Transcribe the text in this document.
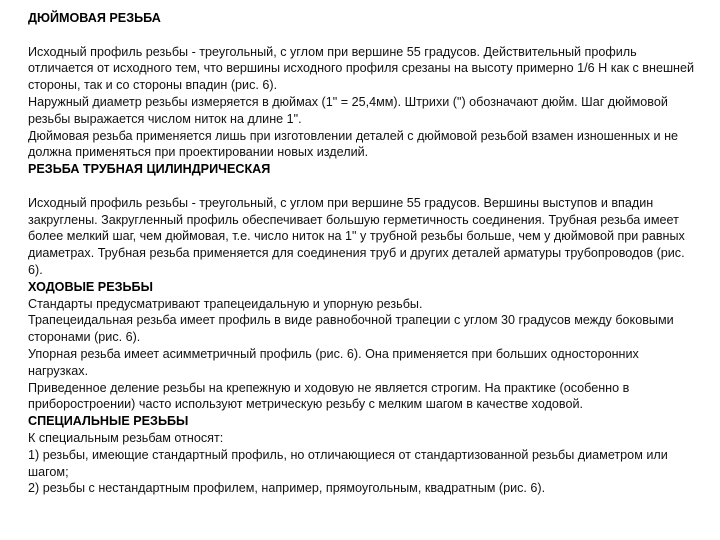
ДЮЙМОВАЯ РЕЗЬБА

Исходный профиль резьбы - треугольный, с углом при вершине 55 градусов. Действительный профиль отличается от исходного тем, что вершины исходного профиля срезаны на высоту примерно 1/6 Н как с внешней стороны, так и со стороны впадин (рис. 6).

Наружный диаметр резьбы измеряется в дюймах (1" = 25,4мм). Штрихи (") обозначают дюйм. Шаг дюймовой резьбы выражается числом ниток на длине 1".

Дюймовая резьба применяется лишь при изготовлении деталей с дюймовой резьбой взамен изношенных и не должна применяться при проектировании новых изделий.

РЕЗЬБА ТРУБНАЯ ЦИЛИНДРИЧЕСКАЯ

Исходный профиль резьбы - треугольный, с углом при вершине 55 градусов. Вершины выступов и впадин закруглены. Закругленный профиль обеспечивает большую герметичность соединения. Трубная резьба имеет более мелкий шаг, чем дюймовая, т.е. число ниток на 1" у трубной резьбы больше, чем у дюймовой при равных диаметрах. Трубная резьба применяется для соединения труб и других деталей арматуры трубопроводов (рис. 6).

ХОДОВЫЕ РЕЗЬБЫ

Стандарты предусматривают трапецеидальную и упорную резьбы.

Трапецеидальная резьба имеет профиль в виде равнобочной трапеции с углом 30 градусов между боковыми сторонами (рис. 6).

Упорная резьба имеет асимметричный профиль (рис. 6). Она применяется при больших односторонних нагрузках.

Приведенное деление резьбы на крепежную и ходовую не является строгим. На практике (особенно в приборостроении) часто используют метрическую резьбу с мелким шагом в качестве ходовой.

СПЕЦИАЛЬНЫЕ РЕЗЬБЫ

К специальным резьбам относят:

1) резьбы, имеющие стандартный профиль, но отличающиеся от стандартизованной резьбы диаметром или шагом;

2) резьбы с нестандартным профилем, например, прямоугольным, квадратным (рис. 6).
